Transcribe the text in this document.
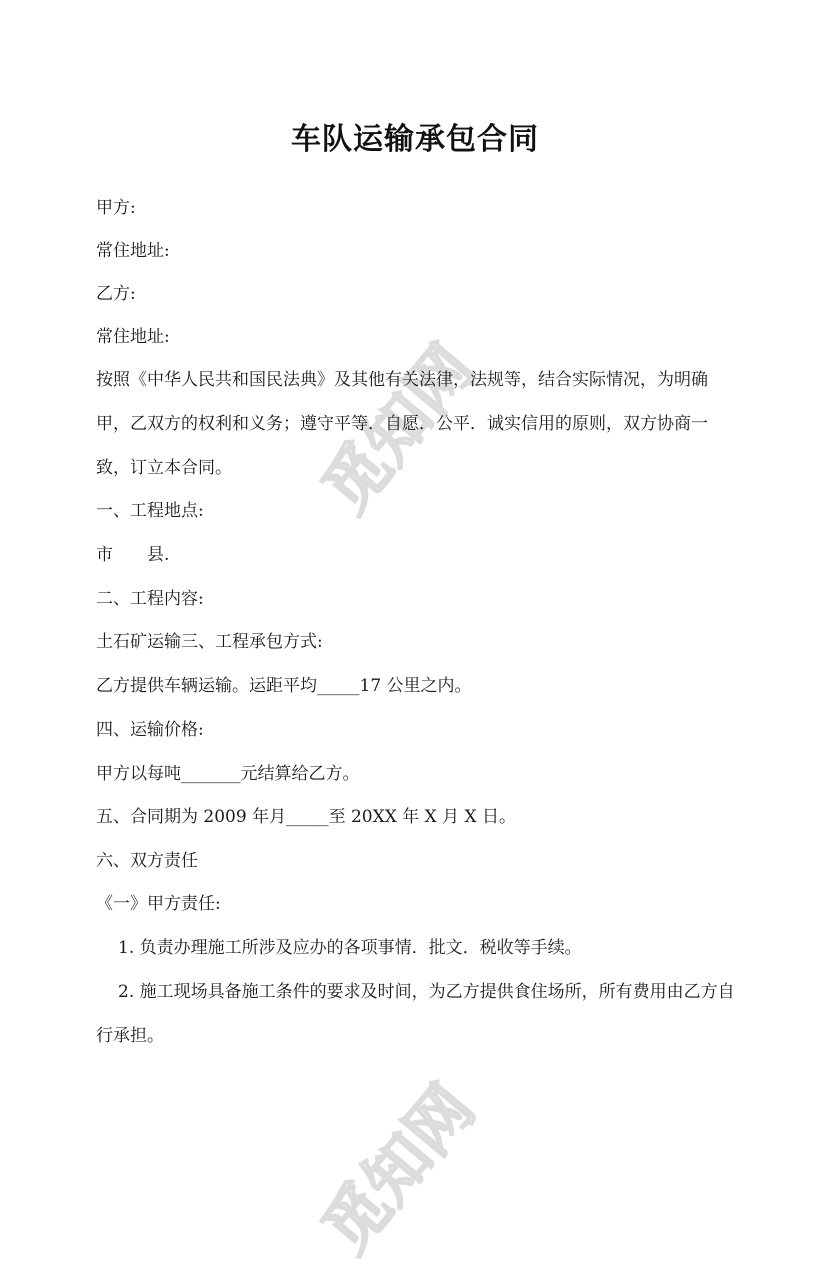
觅知网
觅知网
车队运输承包合同

甲方:

常住地址:

乙方:

常住地址:

按照《中华人民共和国民法典》及其他有关法律，法规等，结合实际情况，为明确

甲，乙双方的权利和义务；遵守平等．自愿．公平．诚实信用的原则，双方协商一

致，订立本合同。

一、工程地点:

市　　县.

二、工程内容:

土石矿运输三、工程承包方式:

乙方提供车辆运输。运距平均_____17 公里之内。

四、运输价格:

甲方以每吨_______元结算给乙方。

五、合同期为 2009 年月_____至 20XX 年 X 月 X 日。

六、双方责任

《一》甲方责任:

1. 负责办理施工所涉及应办的各项事情．批文．税收等手续。

2. 施工现场具备施工条件的要求及时间，为乙方提供食住场所，所有费用由乙方自

行承担。
